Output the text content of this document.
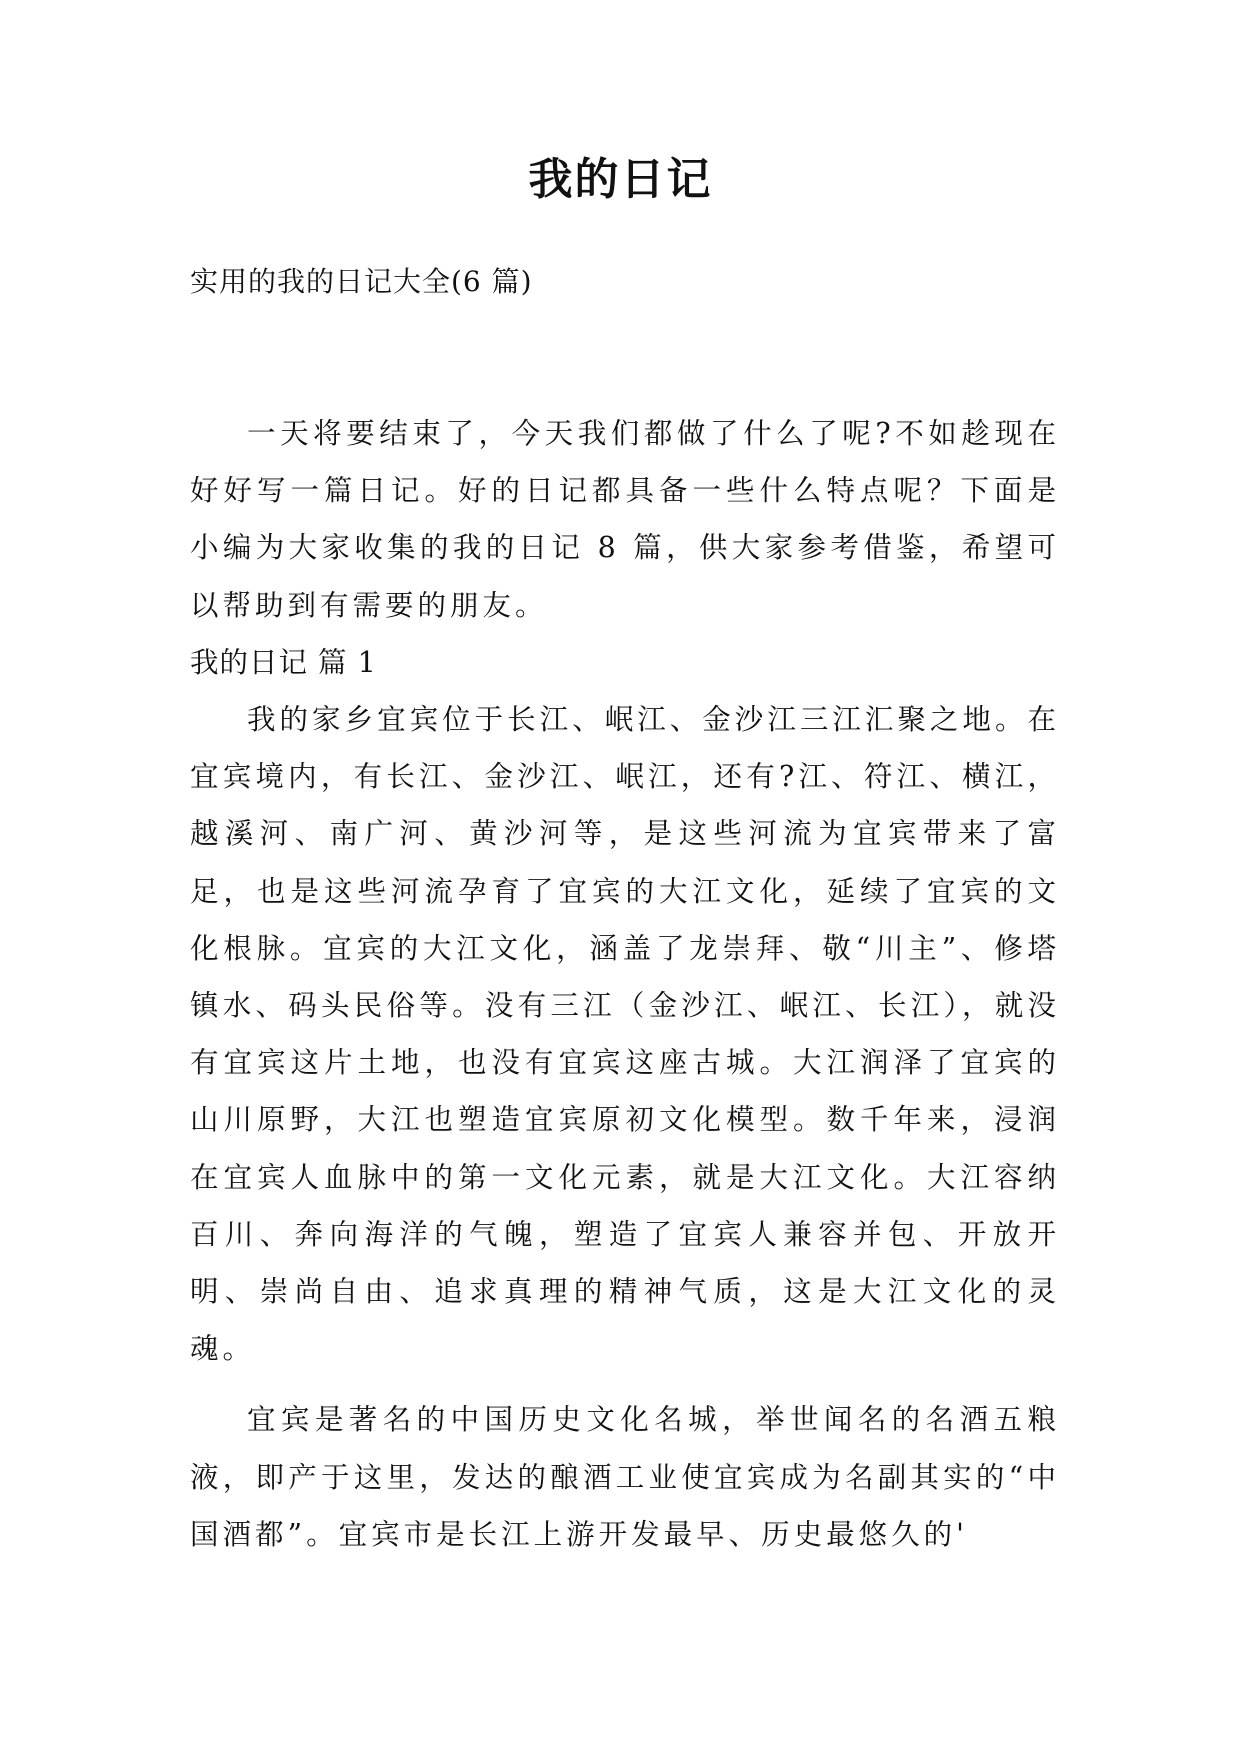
我的日记
实用的我的日记大全(6 篇)

一天将要结束了，今天我们都做了什么了呢?不如趁现在好好写一篇日记。好的日记都具备一些什么特点呢？下面是小编为大家收集的我的日记 8 篇，供大家参考借鉴，希望可以帮助到有需要的朋友。

我的日记 篇 1

我的家乡宜宾位于长江、岷江、金沙江三江汇聚之地。在宜宾境内，有长江、金沙江、岷江，还有?江、符江、横江，越溪河、南广河、黄沙河等，是这些河流为宜宾带来了富足，也是这些河流孕育了宜宾的大江文化，延续了宜宾的文化根脉。宜宾的大江文化，涵盖了龙崇拜、敬“川主”、修塔镇水、码头民俗等。没有三江（金沙江、岷江、长江），就没有宜宾这片土地，也没有宜宾这座古城。大江润泽了宜宾的山川原野，大江也塑造宜宾原初文化模型。数千年来，浸润在宜宾人血脉中的第一文化元素，就是大江文化。大江容纳百川、奔向海洋的气魄，塑造了宜宾人兼容并包、开放开明、崇尚自由、追求真理的精神气质，这是大江文化的灵魂。

宜宾是著名的中国历史文化名城，举世闻名的名酒五粮液，即产于这里，发达的酿酒工业使宜宾成为名副其实的“中国酒都”。宜宾市是长江上游开发最早、历史最悠久的'
